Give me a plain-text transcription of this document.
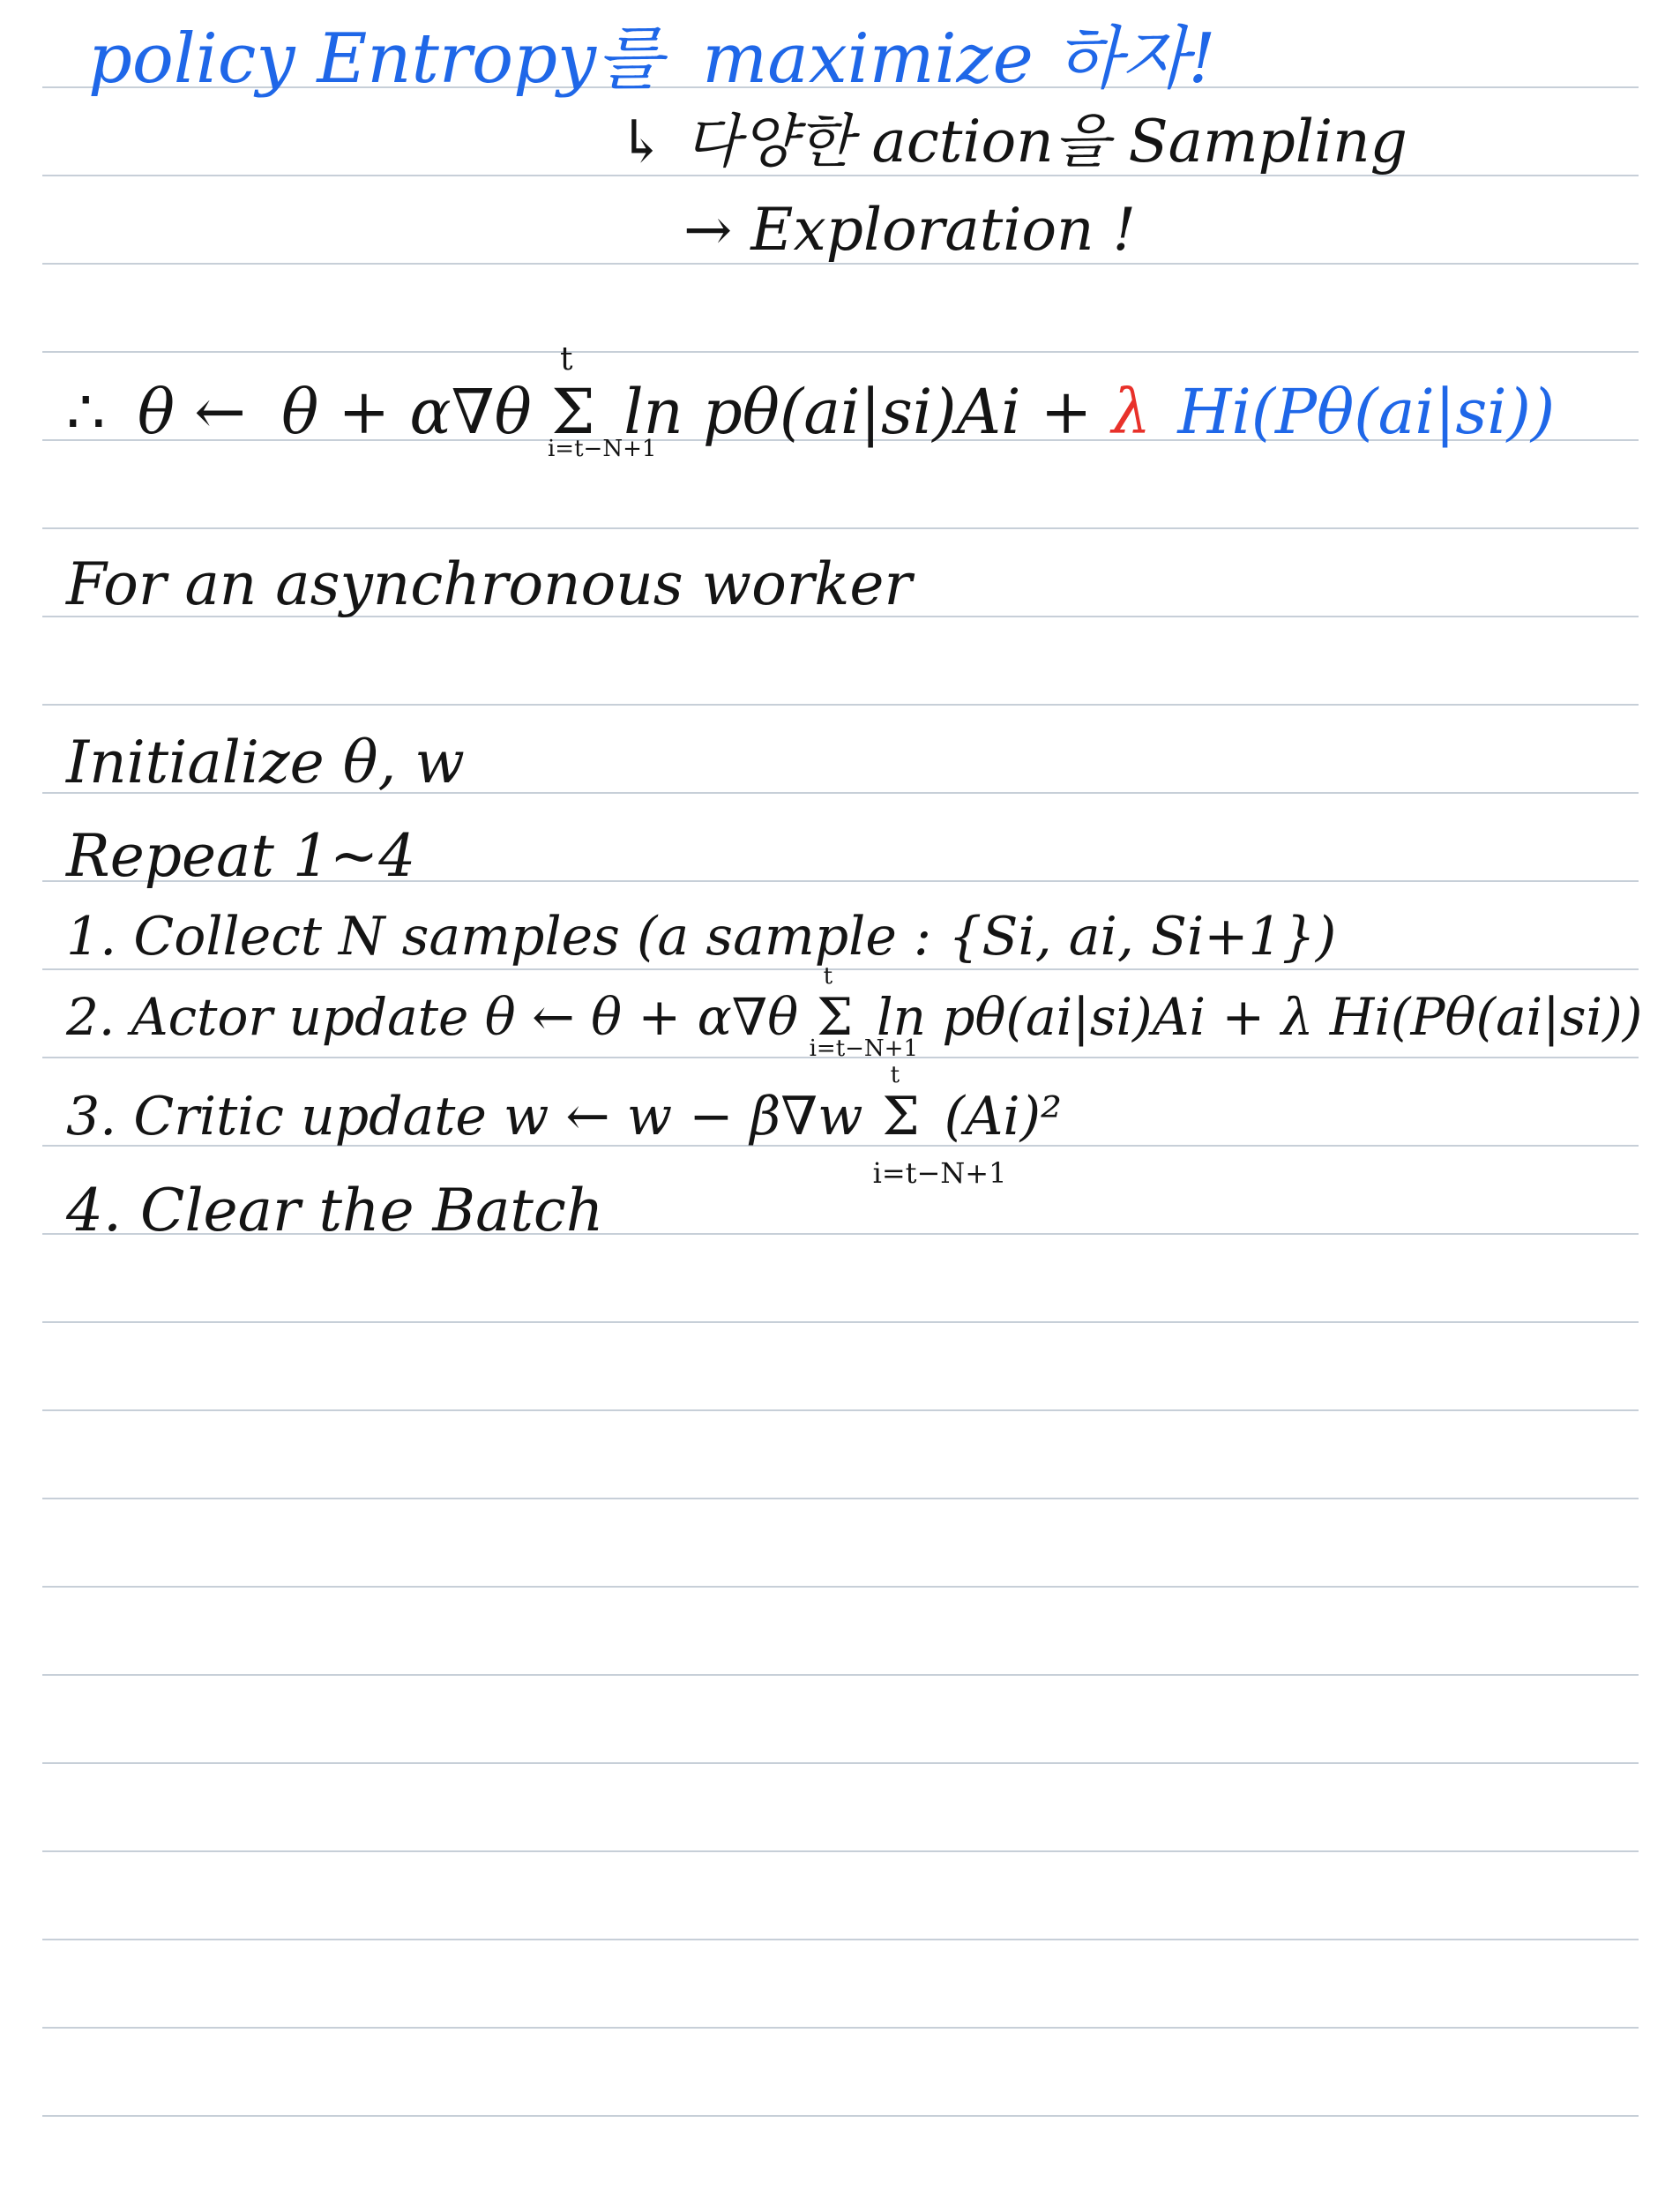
policy Entropy를 maximize 하자!
↳ 다양한 action을 Sampling
→ Exploration !
∴ θ ← θ + α∇θ
t
Σ
i=t−N+1
ln pθ(ai|si)Ai + λ Hi(Pθ(ai|si))
For an asynchronous worker
Initialize θ, w
Repeat 1~4
1. Collect N samples (a sample : {Si, ai, Si+1})
2. Actor update θ ← θ + α∇θ
t
Σ
i=t−N+1
ln pθ(ai|si)Ai + λ Hi(Pθ(ai|si))
3. Critic update w ← w − β∇w
t
Σ
i=t−N+1
(Ai)²
4. Clear the Batch
